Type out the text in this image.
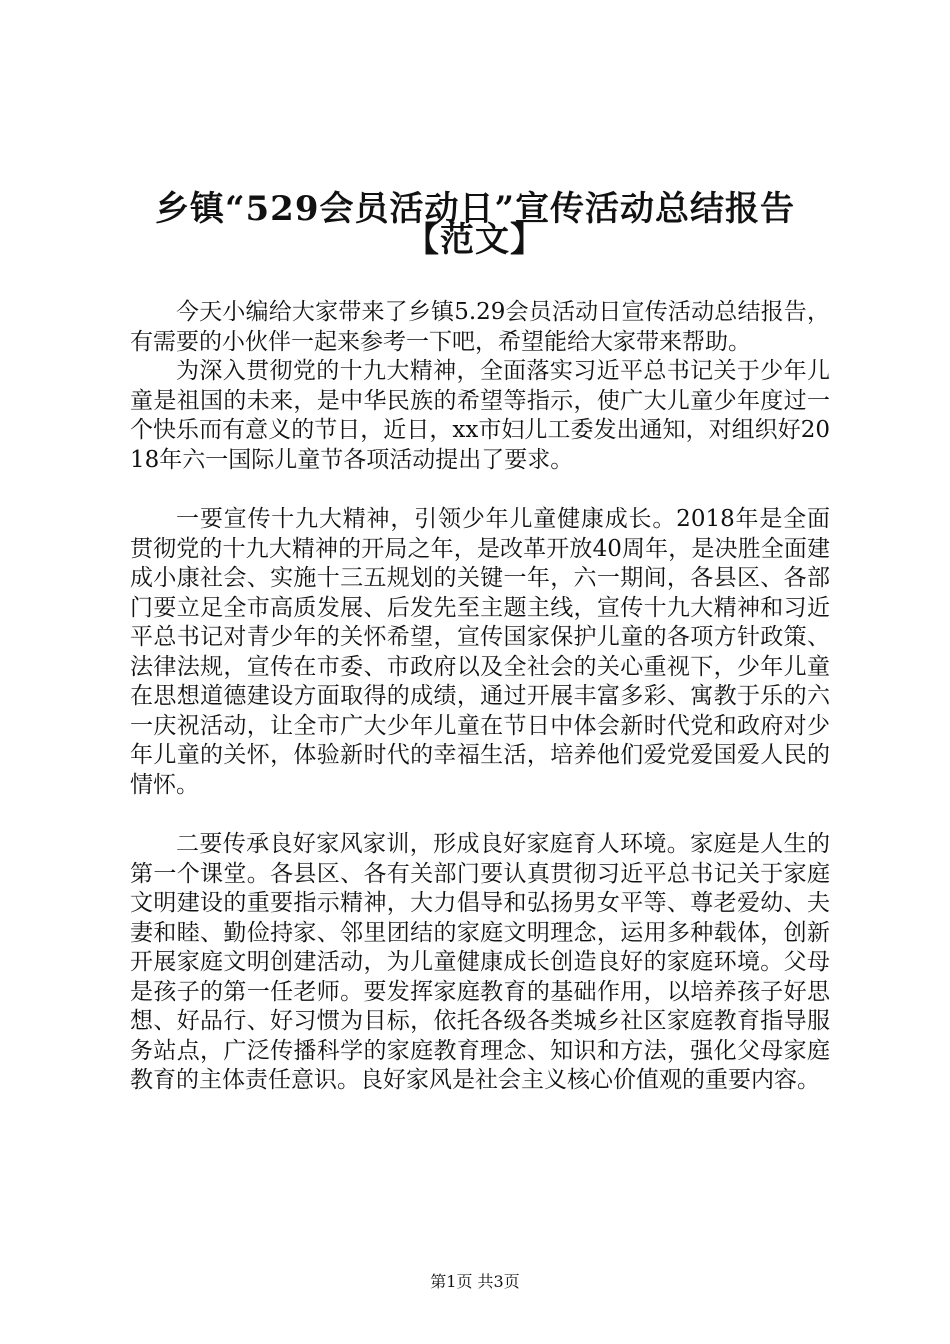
乡镇“529会员活动日”宣传活动总结报告
【范文】

今天小编给大家带来了乡镇5.29会员活动日宣传活动总结报告，有需要的小伙伴一起来参考一下吧，希望能给大家带来帮助。

为深入贯彻党的十九大精神，全面落实习近平总书记关于少年儿童是祖国的未来，是中华民族的希望等指示，使广大儿童少年度过一个快乐而有意义的节日，近日，xx市妇儿工委发出通知，对组织好2018年六一国际儿童节各项活动提出了要求。

一要宣传十九大精神，引领少年儿童健康成长。2018年是全面贯彻党的十九大精神的开局之年，是改革开放40周年，是决胜全面建成小康社会、实施十三五规划的关键一年，六一期间，各县区、各部门要立足全市高质发展、后发先至主题主线，宣传十九大精神和习近平总书记对青少年的关怀希望，宣传国家保护儿童的各项方针政策、法律法规，宣传在市委、市政府以及全社会的关心重视下，少年儿童在思想道德建设方面取得的成绩，通过开展丰富多彩、寓教于乐的六一庆祝活动，让全市广大少年儿童在节日中体会新时代党和政府对少年儿童的关怀，体验新时代的幸福生活，培养他们爱党爱国爱人民的情怀。

二要传承良好家风家训，形成良好家庭育人环境。家庭是人生的第一个课堂。各县区、各有关部门要认真贯彻习近平总书记关于家庭文明建设的重要指示精神，大力倡导和弘扬男女平等、尊老爱幼、夫妻和睦、勤俭持家、邻里团结的家庭文明理念，运用多种载体，创新开展家庭文明创建活动，为儿童健康成长创造良好的家庭环境。父母是孩子的第一任老师。要发挥家庭教育的基础作用，以培养孩子好思想、好品行、好习惯为目标，依托各级各类城乡社区家庭教育指导服务站点，广泛传播科学的家庭教育理念、知识和方法，强化父母家庭教育的主体责任意识。良好家风是社会主义核心价值观的重要内容。

第1页 共3页
